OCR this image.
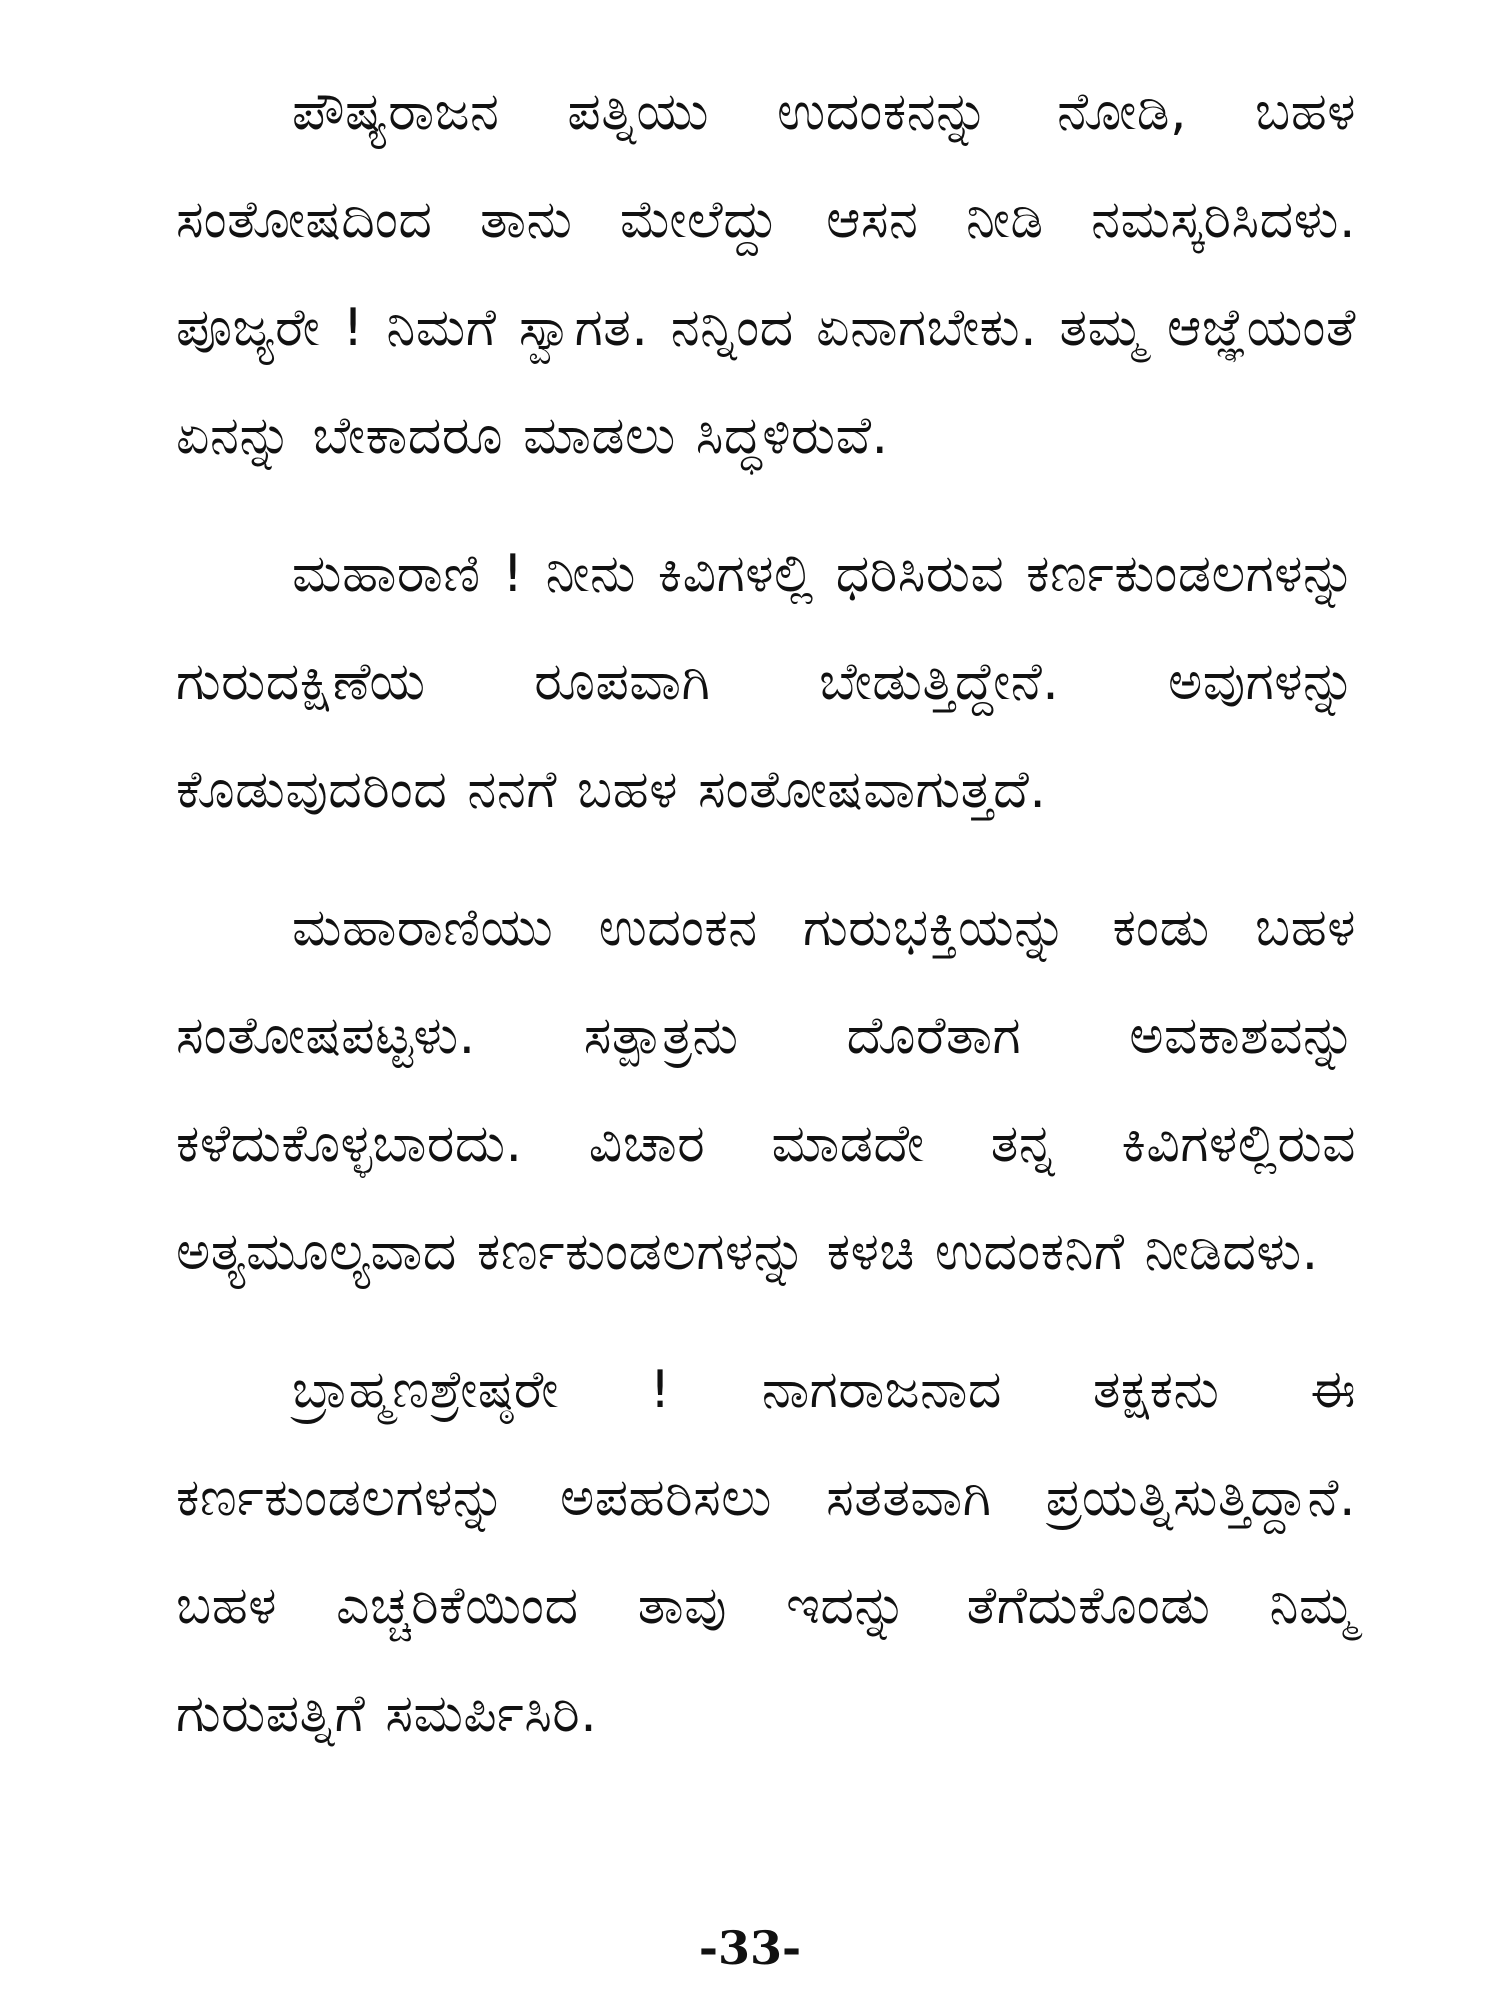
ಪೌಷ್ಯರಾಜನ ಪತ್ನಿಯು ಉದಂಕನನ್ನು ನೋಡಿ, ಬಹಳ ಸಂತೋಷದಿಂದ ತಾನು ಮೇಲೆದ್ದು ಆಸನ ನೀಡಿ ನಮಸ್ಕರಿಸಿದಳು. ಪೂಜ್ಯರೇ ! ನಿಮಗೆ ಸ್ವಾಗತ. ನನ್ನಿಂದ ಏನಾಗಬೇಕು. ತಮ್ಮ ಆಜ್ಞೆಯಂತೆ ಏನನ್ನು ಬೇಕಾದರೂ ಮಾಡಲು ಸಿದ್ಧಳಿರುವೆ.

ಮಹಾರಾಣಿ ! ನೀನು ಕಿವಿಗಳಲ್ಲಿ ಧರಿಸಿರುವ ಕರ್ಣಕುಂಡಲಗಳನ್ನು ಗುರುದಕ್ಷಿಣೆಯ ರೂಪವಾಗಿ ಬೇಡುತ್ತಿದ್ದೇನೆ. ಅವುಗಳನ್ನು ಕೊಡುವುದರಿಂದ ನನಗೆ ಬಹಳ ಸಂತೋಷವಾಗುತ್ತದೆ.

ಮಹಾರಾಣಿಯು ಉದಂಕನ ಗುರುಭಕ್ತಿಯನ್ನು ಕಂಡು ಬಹಳ ಸಂತೋಷಪಟ್ಟಳು. ಸತ್ಪಾತ್ರನು ದೊರೆತಾಗ ಅವಕಾಶವನ್ನು ಕಳೆದುಕೊಳ್ಳಬಾರದು. ವಿಚಾರ ಮಾಡದೇ ತನ್ನ ಕಿವಿಗಳಲ್ಲಿರುವ ಅತ್ಯಮೂಲ್ಯವಾದ ಕರ್ಣಕುಂಡಲಗಳನ್ನು ಕಳಚಿ ಉದಂಕನಿಗೆ ನೀಡಿದಳು.

ಬ್ರಾಹ್ಮಣಶ್ರೇಷ್ಠರೇ ! ನಾಗರಾಜನಾದ ತಕ್ಷಕನು ಈ ಕರ್ಣಕುಂಡಲಗಳನ್ನು ಅಪಹರಿಸಲು ಸತತವಾಗಿ ಪ್ರಯತ್ನಿಸುತ್ತಿದ್ದಾನೆ. ಬಹಳ ಎಚ್ಚರಿಕೆಯಿಂದ ತಾವು ಇದನ್ನು ತೆಗೆದುಕೊಂಡು ನಿಮ್ಮ ಗುರುಪತ್ನಿಗೆ ಸಮರ್ಪಿಸಿರಿ.

-33-
